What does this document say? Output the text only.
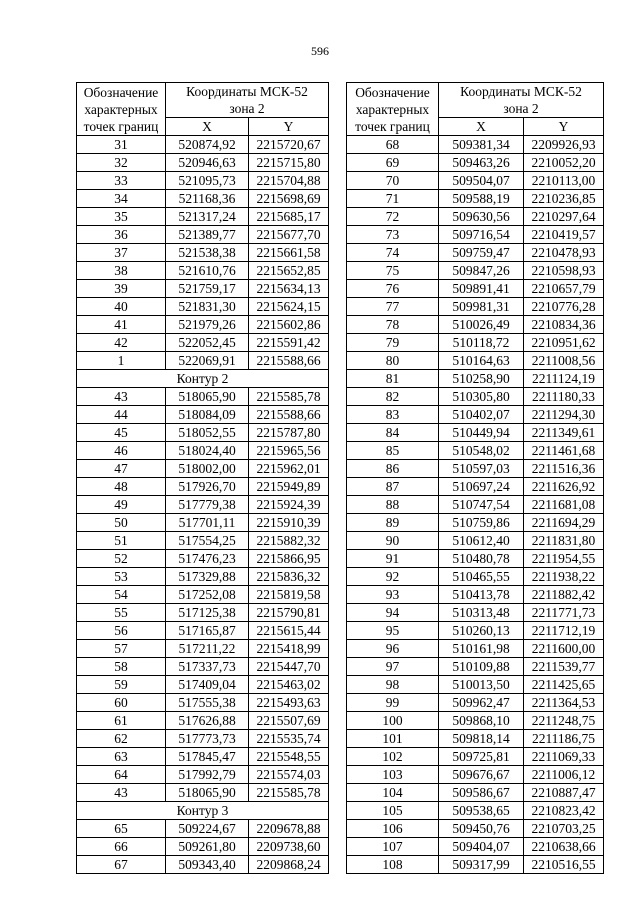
596
Обозначение
характерных
точек границ	Координаты МСК-52	
	зона 2	
	X	Y
31	520874,92	2215720,67
32	520946,63	2215715,80
33	521095,73	2215704,88
34	521168,36	2215698,69
35	521317,24	2215685,17
36	521389,77	2215677,70
37	521538,38	2215661,58
38	521610,76	2215652,85
39	521759,17	2215634,13
40	521831,30	2215624,15
41	521979,26	2215602,86
42	522052,45	2215591,42
1	522069,91	2215588,66
Контур 2		
43	518065,90	2215585,78
44	518084,09	2215588,66
45	518052,55	2215787,80
46	518024,40	2215965,56
47	518002,00	2215962,01
48	517926,70	2215949,89
49	517779,38	2215924,39
50	517701,11	2215910,39
51	517554,25	2215882,32
52	517476,23	2215866,95
53	517329,88	2215836,32
54	517252,08	2215819,58
55	517125,38	2215790,81
56	517165,87	2215615,44
57	517211,22	2215418,99
58	517337,73	2215447,70
59	517409,04	2215463,02
60	517555,38	2215493,63
61	517626,88	2215507,69
62	517773,73	2215535,74
63	517845,47	2215548,55
64	517992,79	2215574,03
43	518065,90	2215585,78
Контур 3		
65	509224,67	2209678,88
66	509261,80	2209738,60
67	509343,40	2209868,24
Обозначение
характерных
точек границ	Координаты МСК-52	
	зона 2	
	X	Y
68	509381,34	2209926,93
69	509463,26	2210052,20
70	509504,07	2210113,00
71	509588,19	2210236,85
72	509630,56	2210297,64
73	509716,54	2210419,57
74	509759,47	2210478,93
75	509847,26	2210598,93
76	509891,41	2210657,79
77	509981,31	2210776,28
78	510026,49	2210834,36
79	510118,72	2210951,62
80	510164,63	2211008,56
81	510258,90	2211124,19
82	510305,80	2211180,33
83	510402,07	2211294,30
84	510449,94	2211349,61
85	510548,02	2211461,68
86	510597,03	2211516,36
87	510697,24	2211626,92
88	510747,54	2211681,08
89	510759,86	2211694,29
90	510612,40	2211831,80
91	510480,78	2211954,55
92	510465,55	2211938,22
93	510413,78	2211882,42
94	510313,48	2211771,73
95	510260,13	2211712,19
96	510161,98	2211600,00
97	510109,88	2211539,77
98	510013,50	2211425,65
99	509962,47	2211364,53
100	509868,10	2211248,75
101	509818,14	2211186,75
102	509725,81	2211069,33
103	509676,67	2211006,12
104	509586,67	2210887,47
105	509538,65	2210823,42
106	509450,76	2210703,25
107	509404,07	2210638,66
108	509317,99	2210516,55
